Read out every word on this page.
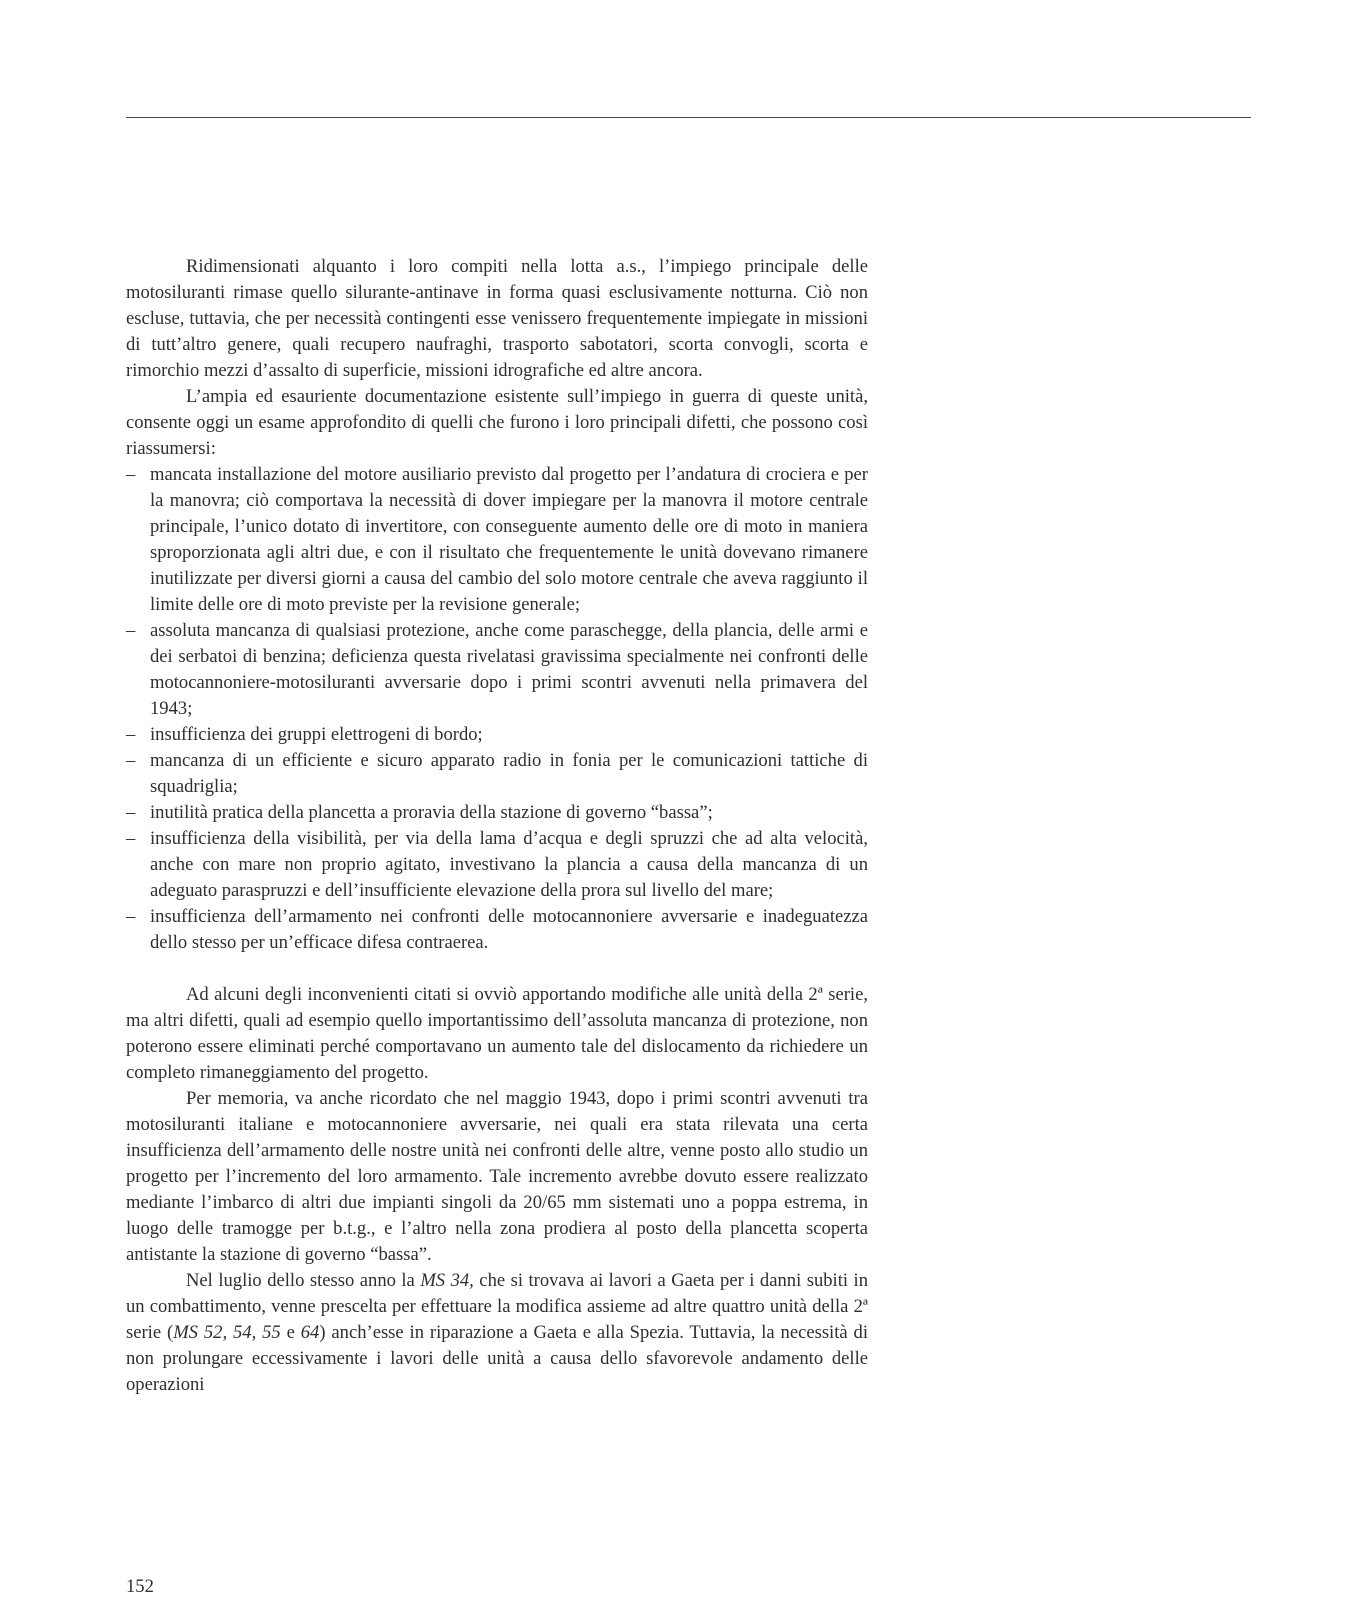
Ridimensionati alquanto i loro compiti nella lotta a.s., l’impiego principale delle motosiluranti rimase quello silurante-antinave in forma quasi esclusivamente notturna. Ciò non escluse, tuttavia, che per necessità contingenti esse venissero frequentemente impiegate in missioni di tutt’altro genere, quali recupero naufraghi, trasporto sabotatori, scorta convogli, scorta e rimorchio mezzi d’assalto di superficie, missioni idrografiche ed altre ancora.

L’ampia ed esauriente documentazione esistente sull’impiego in guerra di queste unità, consente oggi un esame approfondito di quelli che furono i loro principali difetti, che possono così riassumersi:

– mancata installazione del motore ausiliario previsto dal progetto per l’andatura di crociera e per la manovra; ciò comportava la necessità di dover impiegare per la manovra il motore centrale principale, l’unico dotato di invertitore, con conseguente aumento delle ore di moto in maniera sproporzionata agli altri due, e con il risultato che frequentemente le unità dovevano rimanere inutilizzate per diversi giorni a causa del cambio del solo motore centrale che aveva raggiunto il limite delle ore di moto previste per la revisione generale;
– assoluta mancanza di qualsiasi protezione, anche come paraschegge, della plancia, delle armi e dei serbatoi di benzina; deficienza questa rivelatasi gravissima specialmente nei confronti delle motocannoniere-motosiluranti avversarie dopo i primi scontri avvenuti nella primavera del 1943;
– insufficienza dei gruppi elettrogeni di bordo;
– mancanza di un efficiente e sicuro apparato radio in fonia per le comunicazioni tattiche di squadriglia;
– inutilità pratica della plancetta a proravia della stazione di governo “bassa”;
– insufficienza della visibilità, per via della lama d’acqua e degli spruzzi che ad alta velocità, anche con mare non proprio agitato, investivano la plancia a causa della mancanza di un adeguato paraspruzzi e dell’insufficiente elevazione della prora sul livello del mare;
– insufficienza dell’armamento nei confronti delle motocannoniere avversarie e inadeguatezza dello stesso per un’efficace difesa contraerea.

Ad alcuni degli inconvenienti citati si ovviò apportando modifiche alle unità della 2ª serie, ma altri difetti, quali ad esempio quello importantissimo dell’assoluta mancanza di protezione, non poterono essere eliminati perché comportavano un aumento tale del dislocamento da richiedere un completo rimaneggiamento del progetto.

Per memoria, va anche ricordato che nel maggio 1943, dopo i primi scontri avvenuti tra motosiluranti italiane e motocannoniere avversarie, nei quali era stata rilevata una certa insufficienza dell’armamento delle nostre unità nei confronti delle altre, venne posto allo studio un progetto per l’incremento del loro armamento. Tale incremento avrebbe dovuto essere realizzato mediante l’imbarco di altri due impianti singoli da 20/65 mm sistemati uno a poppa estrema, in luogo delle tramogge per b.t.g., e l’altro nella zona prodiera al posto della plancetta scoperta antistante la stazione di governo “bassa”.

Nel luglio dello stesso anno la MS 34, che si trovava ai lavori a Gaeta per i danni subiti in un combattimento, venne prescelta per effettuare la modifica assieme ad altre quattro unità della 2ª serie (MS 52, 54, 55 e 64) anch’esse in riparazione a Gaeta e alla Spezia. Tuttavia, la necessità di non prolungare eccessivamente i lavori delle unità a causa dello sfavorevole andamento delle operazioni

152
